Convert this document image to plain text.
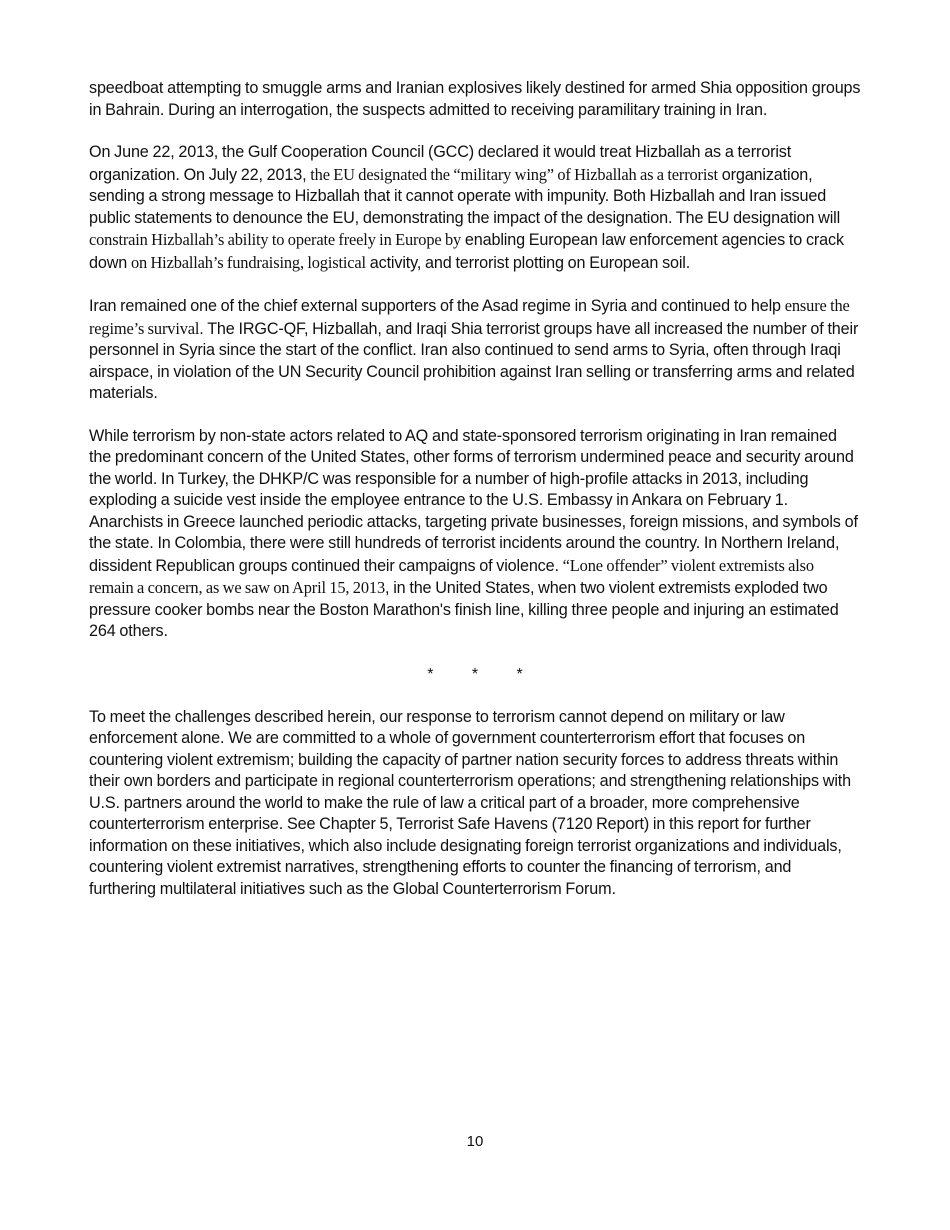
speedboat attempting to smuggle arms and Iranian explosives likely destined for armed Shia opposition groups in Bahrain. During an interrogation, the suspects admitted to receiving paramilitary training in Iran.

On June 22, 2013, the Gulf Cooperation Council (GCC) declared it would treat Hizballah as a terrorist organization. On July 22, 2013, the EU designated the “military wing” of Hizballah as a terrorist organization, sending a strong message to Hizballah that it cannot operate with impunity. Both Hizballah and Iran issued public statements to denounce the EU, demonstrating the impact of the designation. The EU designation will constrain Hizballah’s ability to operate freely in Europe by enabling European law enforcement agencies to crack down on Hizballah’s fundraising, logistical activity, and terrorist plotting on European soil.

Iran remained one of the chief external supporters of the Asad regime in Syria and continued to help ensure the regime’s survival. The IRGC-QF, Hizballah, and Iraqi Shia terrorist groups have all increased the number of their personnel in Syria since the start of the conflict. Iran also continued to send arms to Syria, often through Iraqi airspace, in violation of the UN Security Council prohibition against Iran selling or transferring arms and related materials.

While terrorism by non-state actors related to AQ and state-sponsored terrorism originating in Iran remained the predominant concern of the United States, other forms of terrorism undermined peace and security around the world. In Turkey, the DHKP/C was responsible for a number of high-profile attacks in 2013, including exploding a suicide vest inside the employee entrance to the U.S. Embassy in Ankara on February 1. Anarchists in Greece launched periodic attacks, targeting private businesses, foreign missions, and symbols of the state. In Colombia, there were still hundreds of terrorist incidents around the country. In Northern Ireland, dissident Republican groups continued their campaigns of violence. “Lone offender” violent extremists also remain a concern, as we saw on April 15, 2013, in the United States, when two violent extremists exploded two pressure cooker bombs near the Boston Marathon's finish line, killing three people and injuring an estimated 264 others.

* * *

To meet the challenges described herein, our response to terrorism cannot depend on military or law enforcement alone. We are committed to a whole of government counterterrorism effort that focuses on countering violent extremism; building the capacity of partner nation security forces to address threats within their own borders and participate in regional counterterrorism operations; and strengthening relationships with U.S. partners around the world to make the rule of law a critical part of a broader, more comprehensive counterterrorism enterprise. See Chapter 5, Terrorist Safe Havens (7120 Report) in this report for further information on these initiatives, which also include designating foreign terrorist organizations and individuals, countering violent extremist narratives, strengthening efforts to counter the financing of terrorism, and furthering multilateral initiatives such as the Global Counterterrorism Forum.

10
